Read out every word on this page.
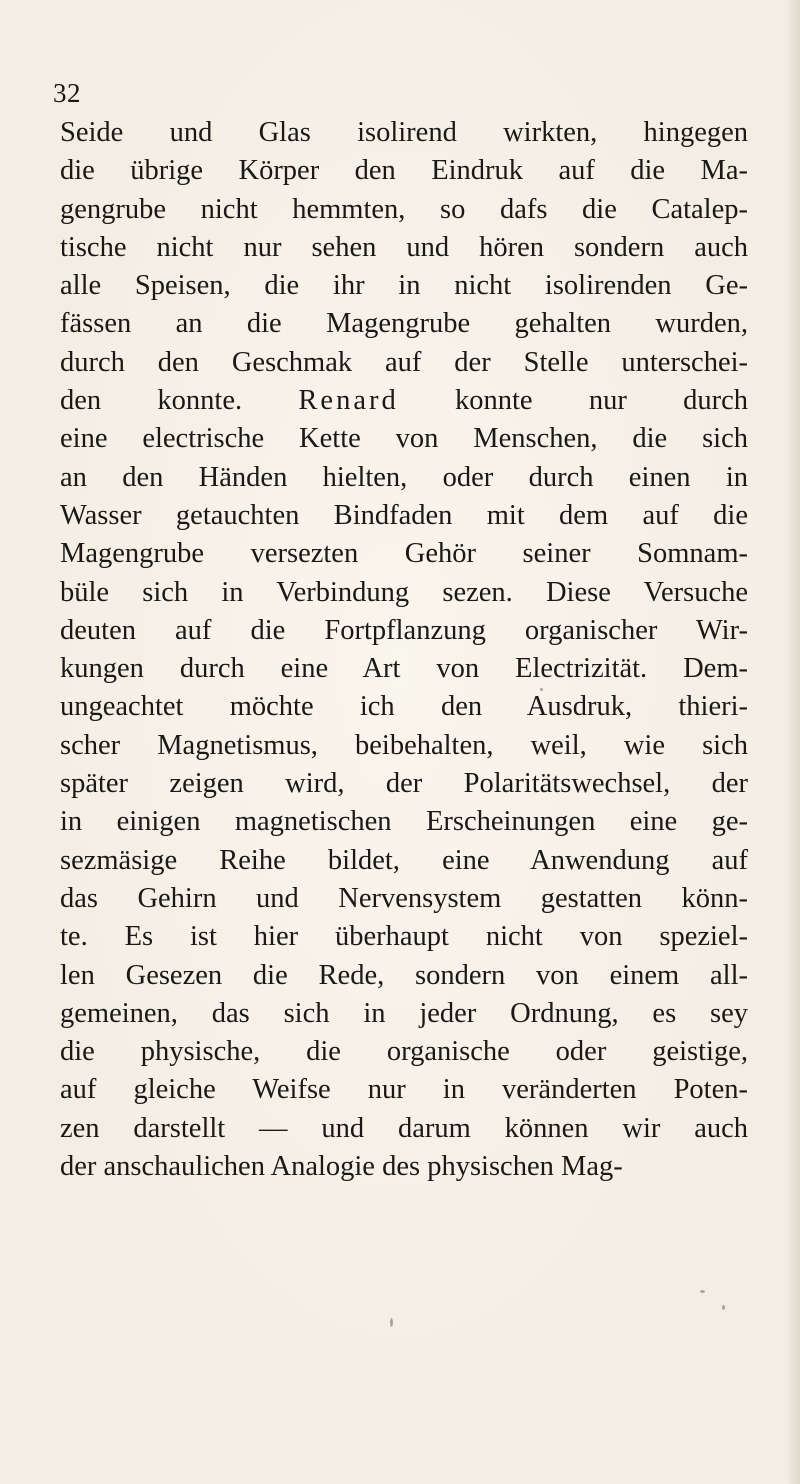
32
Seide und Glas isolirend wirkten, hingegen
die übrige Körper den Eindruk auf die Ma-
gengrube nicht hemmten, so dafs die Catalep-
tische nicht nur sehen und hören sondern auch
alle Speisen, die ihr in nicht isolirenden Ge-
fässen an die Magengrube gehalten wurden,
durch den Geschmak auf der Stelle unterschei-
den konnte. Renard konnte nur durch
eine electrische Kette von Menschen, die sich
an den Händen hielten, oder durch einen in
Wasser getauchten Bindfaden mit dem auf die
Magengrube versezten Gehör seiner Somnam-
büle sich in Verbindung sezen. Diese Versuche
deuten auf die Fortpflanzung organischer Wir-
kungen durch eine Art von Electrizität. Dem-
ungeachtet möchte ich den Ausdruk, thieri-
scher Magnetismus, beibehalten, weil, wie sich
später zeigen wird, der Polaritätswechsel, der
in einigen magnetischen Erscheinungen eine ge-
sezmäsige Reihe bildet, eine Anwendung auf
das Gehirn und Nervensystem gestatten könn-
te. Es ist hier überhaupt nicht von speziel-
len Gesezen die Rede, sondern von einem all-
gemeinen, das sich in jeder Ordnung, es sey
die physische, die organische oder geistige,
auf gleiche Weifse nur in veränderten Poten-
zen darstellt — und darum können wir auch
der anschaulichen Analogie des physischen Mag-
